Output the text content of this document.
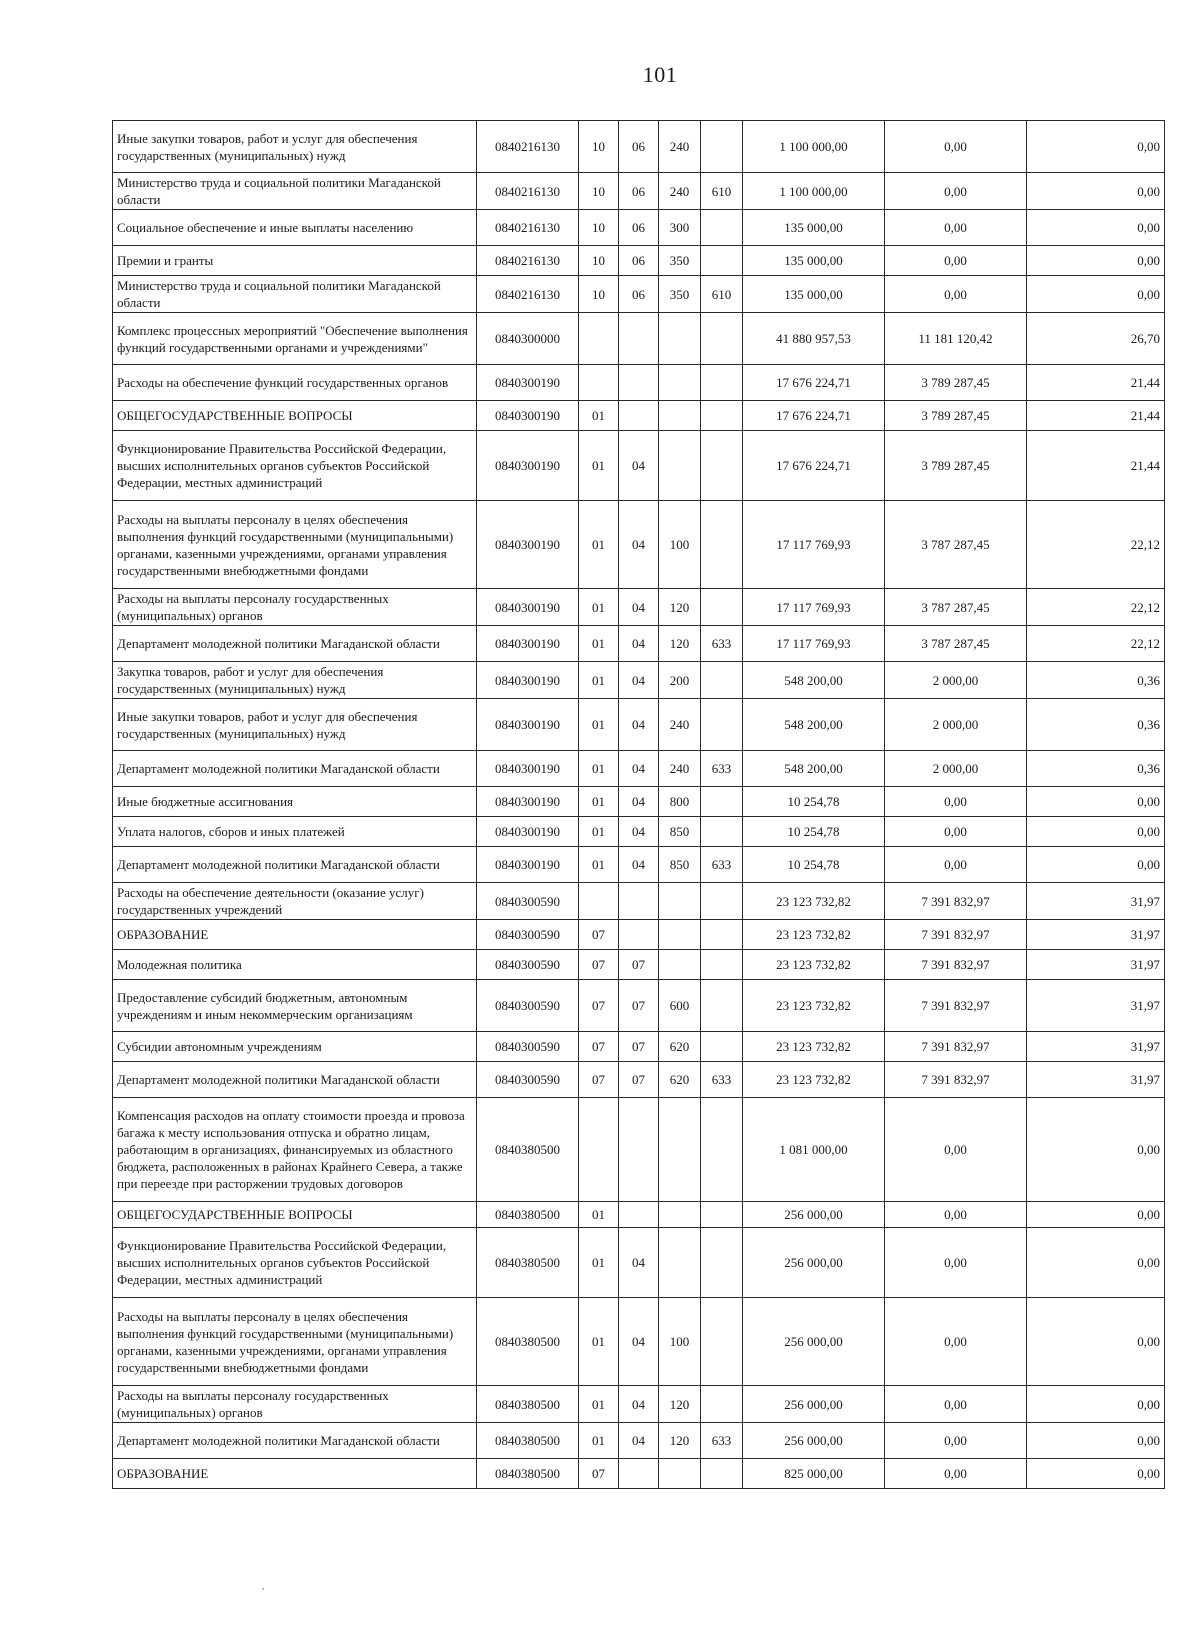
101
Иные закупки товаров, работ и услуг для обеспечения государственных (муниципальных) нужд	0840216130	10	06	240		1 100 000,00	0,00	0,00
Министерство труда и социальной политики Магаданской области	0840216130	10	06	240	610	1 100 000,00	0,00	0,00
Социальное обеспечение и иные выплаты населению	0840216130	10	06	300		135 000,00	0,00	0,00
Премии и гранты	0840216130	10	06	350		135 000,00	0,00	0,00
Министерство труда и социальной политики Магаданской области	0840216130	10	06	350	610	135 000,00	0,00	0,00
Комплекс процессных мероприятий "Обеспечение выполнения функций государственными органами и учреждениями"	0840300000					41 880 957,53	11 181 120,42	26,70
Расходы на обеспечение функций государственных органов	0840300190					17 676 224,71	3 789 287,45	21,44
ОБЩЕГОСУДАРСТВЕННЫЕ ВОПРОСЫ	0840300190	01				17 676 224,71	3 789 287,45	21,44
Функционирование Правительства Российской Федерации, высших исполнительных органов субъектов Российской Федерации, местных администраций	0840300190	01	04			17 676 224,71	3 789 287,45	21,44
Расходы на выплаты персоналу в целях обеспечения выполнения функций государственными (муниципальными) органами, казенными учреждениями, органами управления государственными внебюджетными фондами	0840300190	01	04	100		17 117 769,93	3 787 287,45	22,12
Расходы на выплаты персоналу государственных (муниципальных) органов	0840300190	01	04	120		17 117 769,93	3 787 287,45	22,12
Департамент молодежной политики Магаданской области	0840300190	01	04	120	633	17 117 769,93	3 787 287,45	22,12
Закупка товаров, работ и услуг для обеспечения государственных (муниципальных) нужд	0840300190	01	04	200		548 200,00	2 000,00	0,36
Иные закупки товаров, работ и услуг для обеспечения государственных (муниципальных) нужд	0840300190	01	04	240		548 200,00	2 000,00	0,36
Департамент молодежной политики Магаданской области	0840300190	01	04	240	633	548 200,00	2 000,00	0,36
Иные бюджетные ассигнования	0840300190	01	04	800		10 254,78	0,00	0,00
Уплата налогов, сборов и иных платежей	0840300190	01	04	850		10 254,78	0,00	0,00
Департамент молодежной политики Магаданской области	0840300190	01	04	850	633	10 254,78	0,00	0,00
Расходы на обеспечение деятельности (оказание услуг) государственных учреждений	0840300590					23 123 732,82	7 391 832,97	31,97
ОБРАЗОВАНИЕ	0840300590	07				23 123 732,82	7 391 832,97	31,97
Молодежная политика	0840300590	07	07			23 123 732,82	7 391 832,97	31,97
Предоставление субсидий бюджетным, автономным учреждениям и иным некоммерческим организациям	0840300590	07	07	600		23 123 732,82	7 391 832,97	31,97
Субсидии автономным учреждениям	0840300590	07	07	620		23 123 732,82	7 391 832,97	31,97
Департамент молодежной политики Магаданской области	0840300590	07	07	620	633	23 123 732,82	7 391 832,97	31,97
Компенсация расходов на оплату стоимости проезда и провоза багажа к месту использования отпуска и обратно лицам, работающим в организациях, финансируемых из областного бюджета, расположенных в районах Крайнего Севера, а также при переезде при расторжении трудовых договоров	0840380500					1 081 000,00	0,00	0,00
ОБЩЕГОСУДАРСТВЕННЫЕ ВОПРОСЫ	0840380500	01				256 000,00	0,00	0,00
Функционирование Правительства Российской Федерации, высших исполнительных органов субъектов Российской Федерации, местных администраций	0840380500	01	04			256 000,00	0,00	0,00
Расходы на выплаты персоналу в целях обеспечения выполнения функций государственными (муниципальными) органами, казенными учреждениями, органами управления государственными внебюджетными фондами	0840380500	01	04	100		256 000,00	0,00	0,00
Расходы на выплаты персоналу государственных (муниципальных) органов	0840380500	01	04	120		256 000,00	0,00	0,00
Департамент молодежной политики Магаданской области	0840380500	01	04	120	633	256 000,00	0,00	0,00
ОБРАЗОВАНИЕ	0840380500	07				825 000,00	0,00	0,00
